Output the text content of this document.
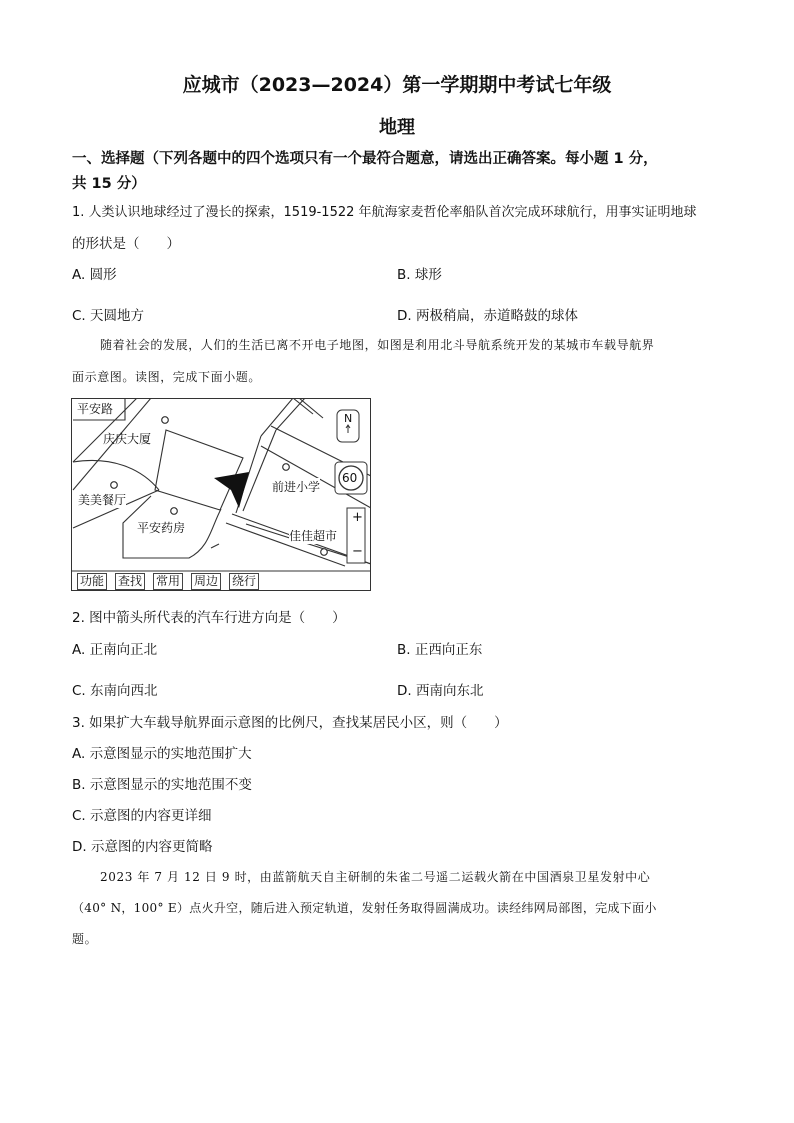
应城市（2023—2024）第一学期期中考试七年级
地理
一、选择题（下列各题中的四个选项只有一个最符合题意，请选出正确答案。每小题 1 分，
共 15 分）
1. 人类认识地球经过了漫长的探索，1519-1522 年航海家麦哲伦率船队首次完成环球航行，用事实证明地球
的形状是（　　）
A. 圆形	B. 球形
C. 天圆地方	D. 两极稍扁，赤道略鼓的球体
随着社会的发展，人们的生活已离不开电子地图，如图是利用北斗导航系统开发的某城市车载导航界
面示意图。读图，完成下面小题。
平安路
庆庆大厦
美美餐厅
平安药房
前进小学
佳佳超市
N
60
+
−
功能 查找 常用 周边 绕行
2. 图中箭头所代表的汽车行进方向是（　　）
A. 正南向正北	B. 正西向正东
C. 东南向西北	D. 西南向东北
3. 如果扩大车载导航界面示意图的比例尺，查找某居民小区，则（　　）
A. 示意图显示的实地范围扩大
B. 示意图显示的实地范围不变
C. 示意图的内容更详细
D. 示意图的内容更简略
2023 年 7 月 12 日 9 时，由蓝箭航天自主研制的朱雀二号遥二运载火箭在中国酒泉卫星发射中心
（40° N，100° E）点火升空，随后进入预定轨道，发射任务取得圆满成功。读经纬网局部图，完成下面小
题。
